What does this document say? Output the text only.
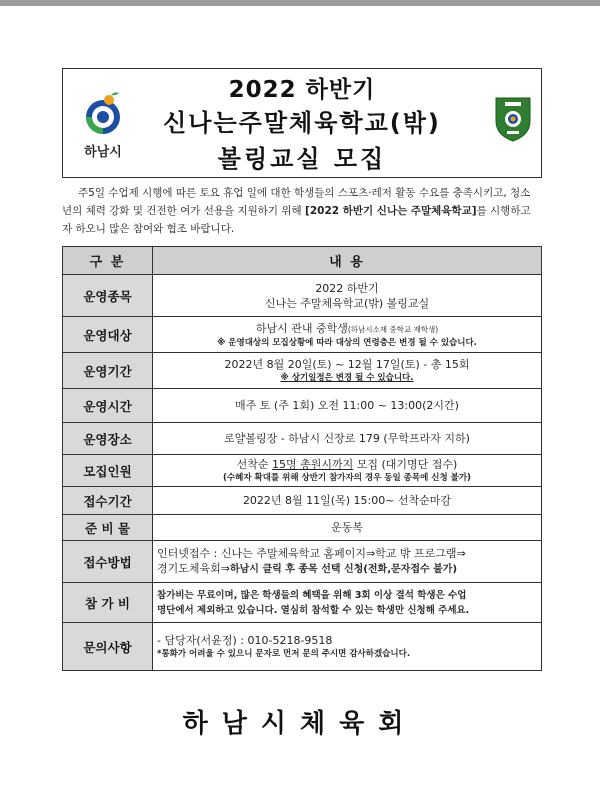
하남시
2022 하반기
신나는주말체육학교(밖)
볼링교실 모집
주5일 수업제 시행에 따른 토요 휴업 일에 대한 학생들의 스포츠·레저 활동 수요를 충족시키고, 청소년의 체력 강화 및 건전한 여가 선용을 지원하기 위해 [2022 하반기 신나는 주말체육학교]를 시행하고자 하오니 많은 참여와 협조 바랍니다.
구 분	내 용
운영종목	2022 하반기
신나는 주말체육학교(밖) 볼링교실

운영대상	하남시 관내 중학생(하남시소재 중학교 재학생)
※ 운영대상의 모집상황에 따라 대상의 연령층은 변경 될 수 있습니다.

운영기간	2022년 8월 20일(토) ~ 12월 17일(토) - 총 15회
※ 상기일정은 변경 될 수 있습니다.

운영시간	매주 토 (주 1회) 오전 11:00 ~ 13:00(2시간)
운영장소	로얄볼링장 - 하남시 신장로 179 (무학프라자 지하)
모집인원	선착순 15명 총원시까지 모집 (대기명단 접수)
(수혜자 확대를 위해 상반기 참가자의 경우 동일 종목에 신청 불가)

접수기간	2022년 8월 11일(목) 15:00~ 선착순마감
준 비 물	운동복
접수방법	인터넷접수 : 신나는 주말체육학교 홈페이지⇒학교 밖 프로그램⇒
경기도체육회⇒하남시 클릭 후 종목 선택 신청(전화,문자접수 불가)

참 가 비	참가비는 무료이며, 많은 학생들의 혜택을 위해 3회 이상 결석 학생은 수업
명단에서 제외하고 있습니다. 열심히 참석할 수 있는 학생만 신청해 주세요.

문의사항	- 담당자(서윤정) : 010-5218-9518
*통화가 어려울 수 있으니 문자로 먼저 문의 주시면 감사하겠습니다.
하남시체육회
